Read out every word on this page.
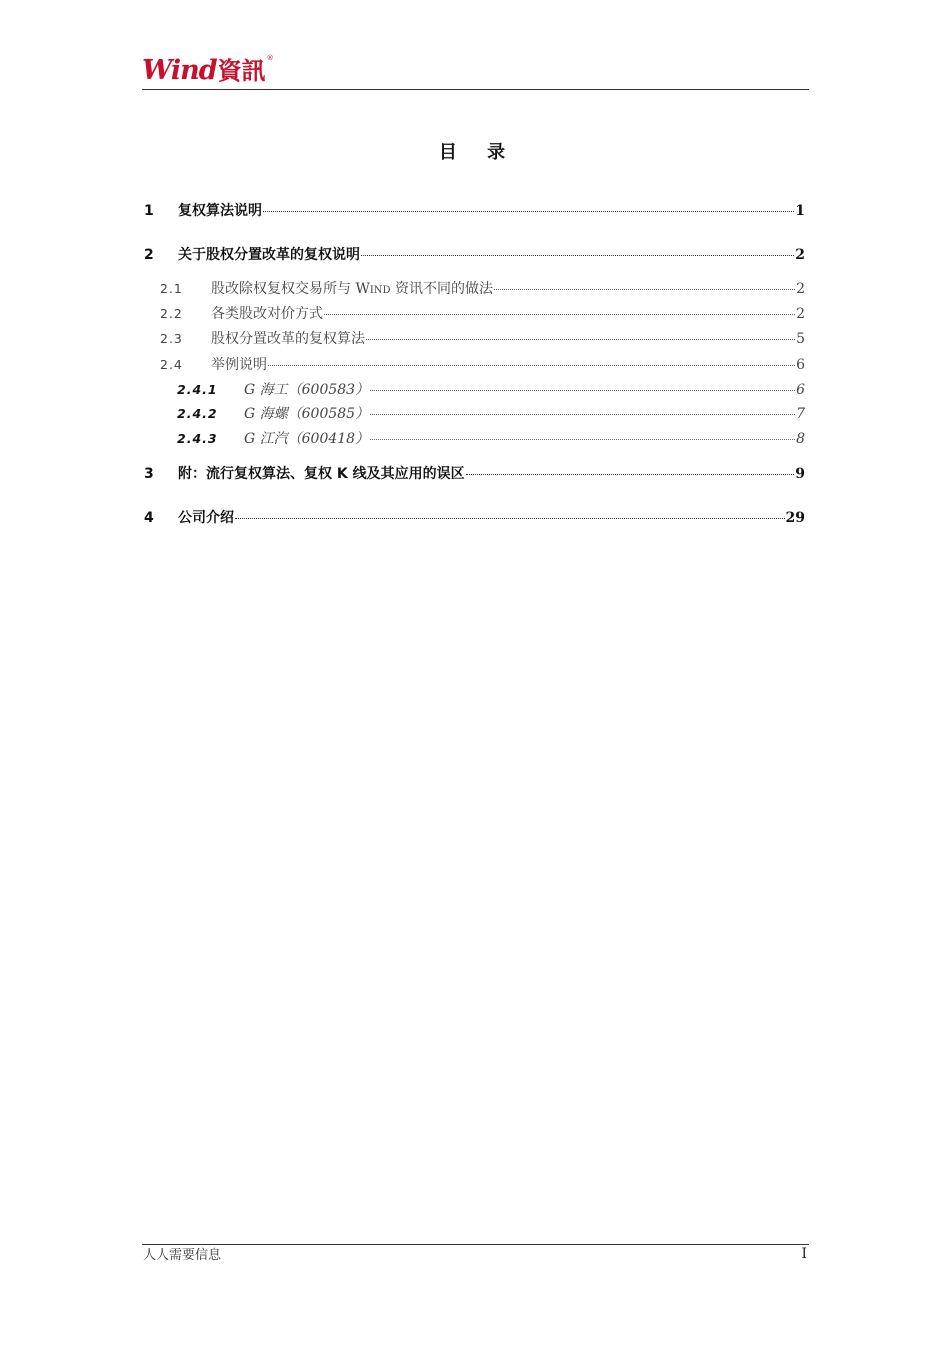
Wind 資訊 ®
目 录
1	复权算法说明	1
2	关于股权分置改革的复权说明	2
2.1	股改除权复权交易所与 WIND 资讯不同的做法	2
2.2	各类股改对价方式	2
2.3	股权分置改革的复权算法	5
2.4	举例说明	6
2.4.1	G 海工（600583）	6
2.4.2	G 海螺（600585）	7
2.4.3	G 江汽（600418）	8
3	附：流行复权算法、复权 K 线及其应用的误区	9
4	公司介绍	29
人人需要信息	I
